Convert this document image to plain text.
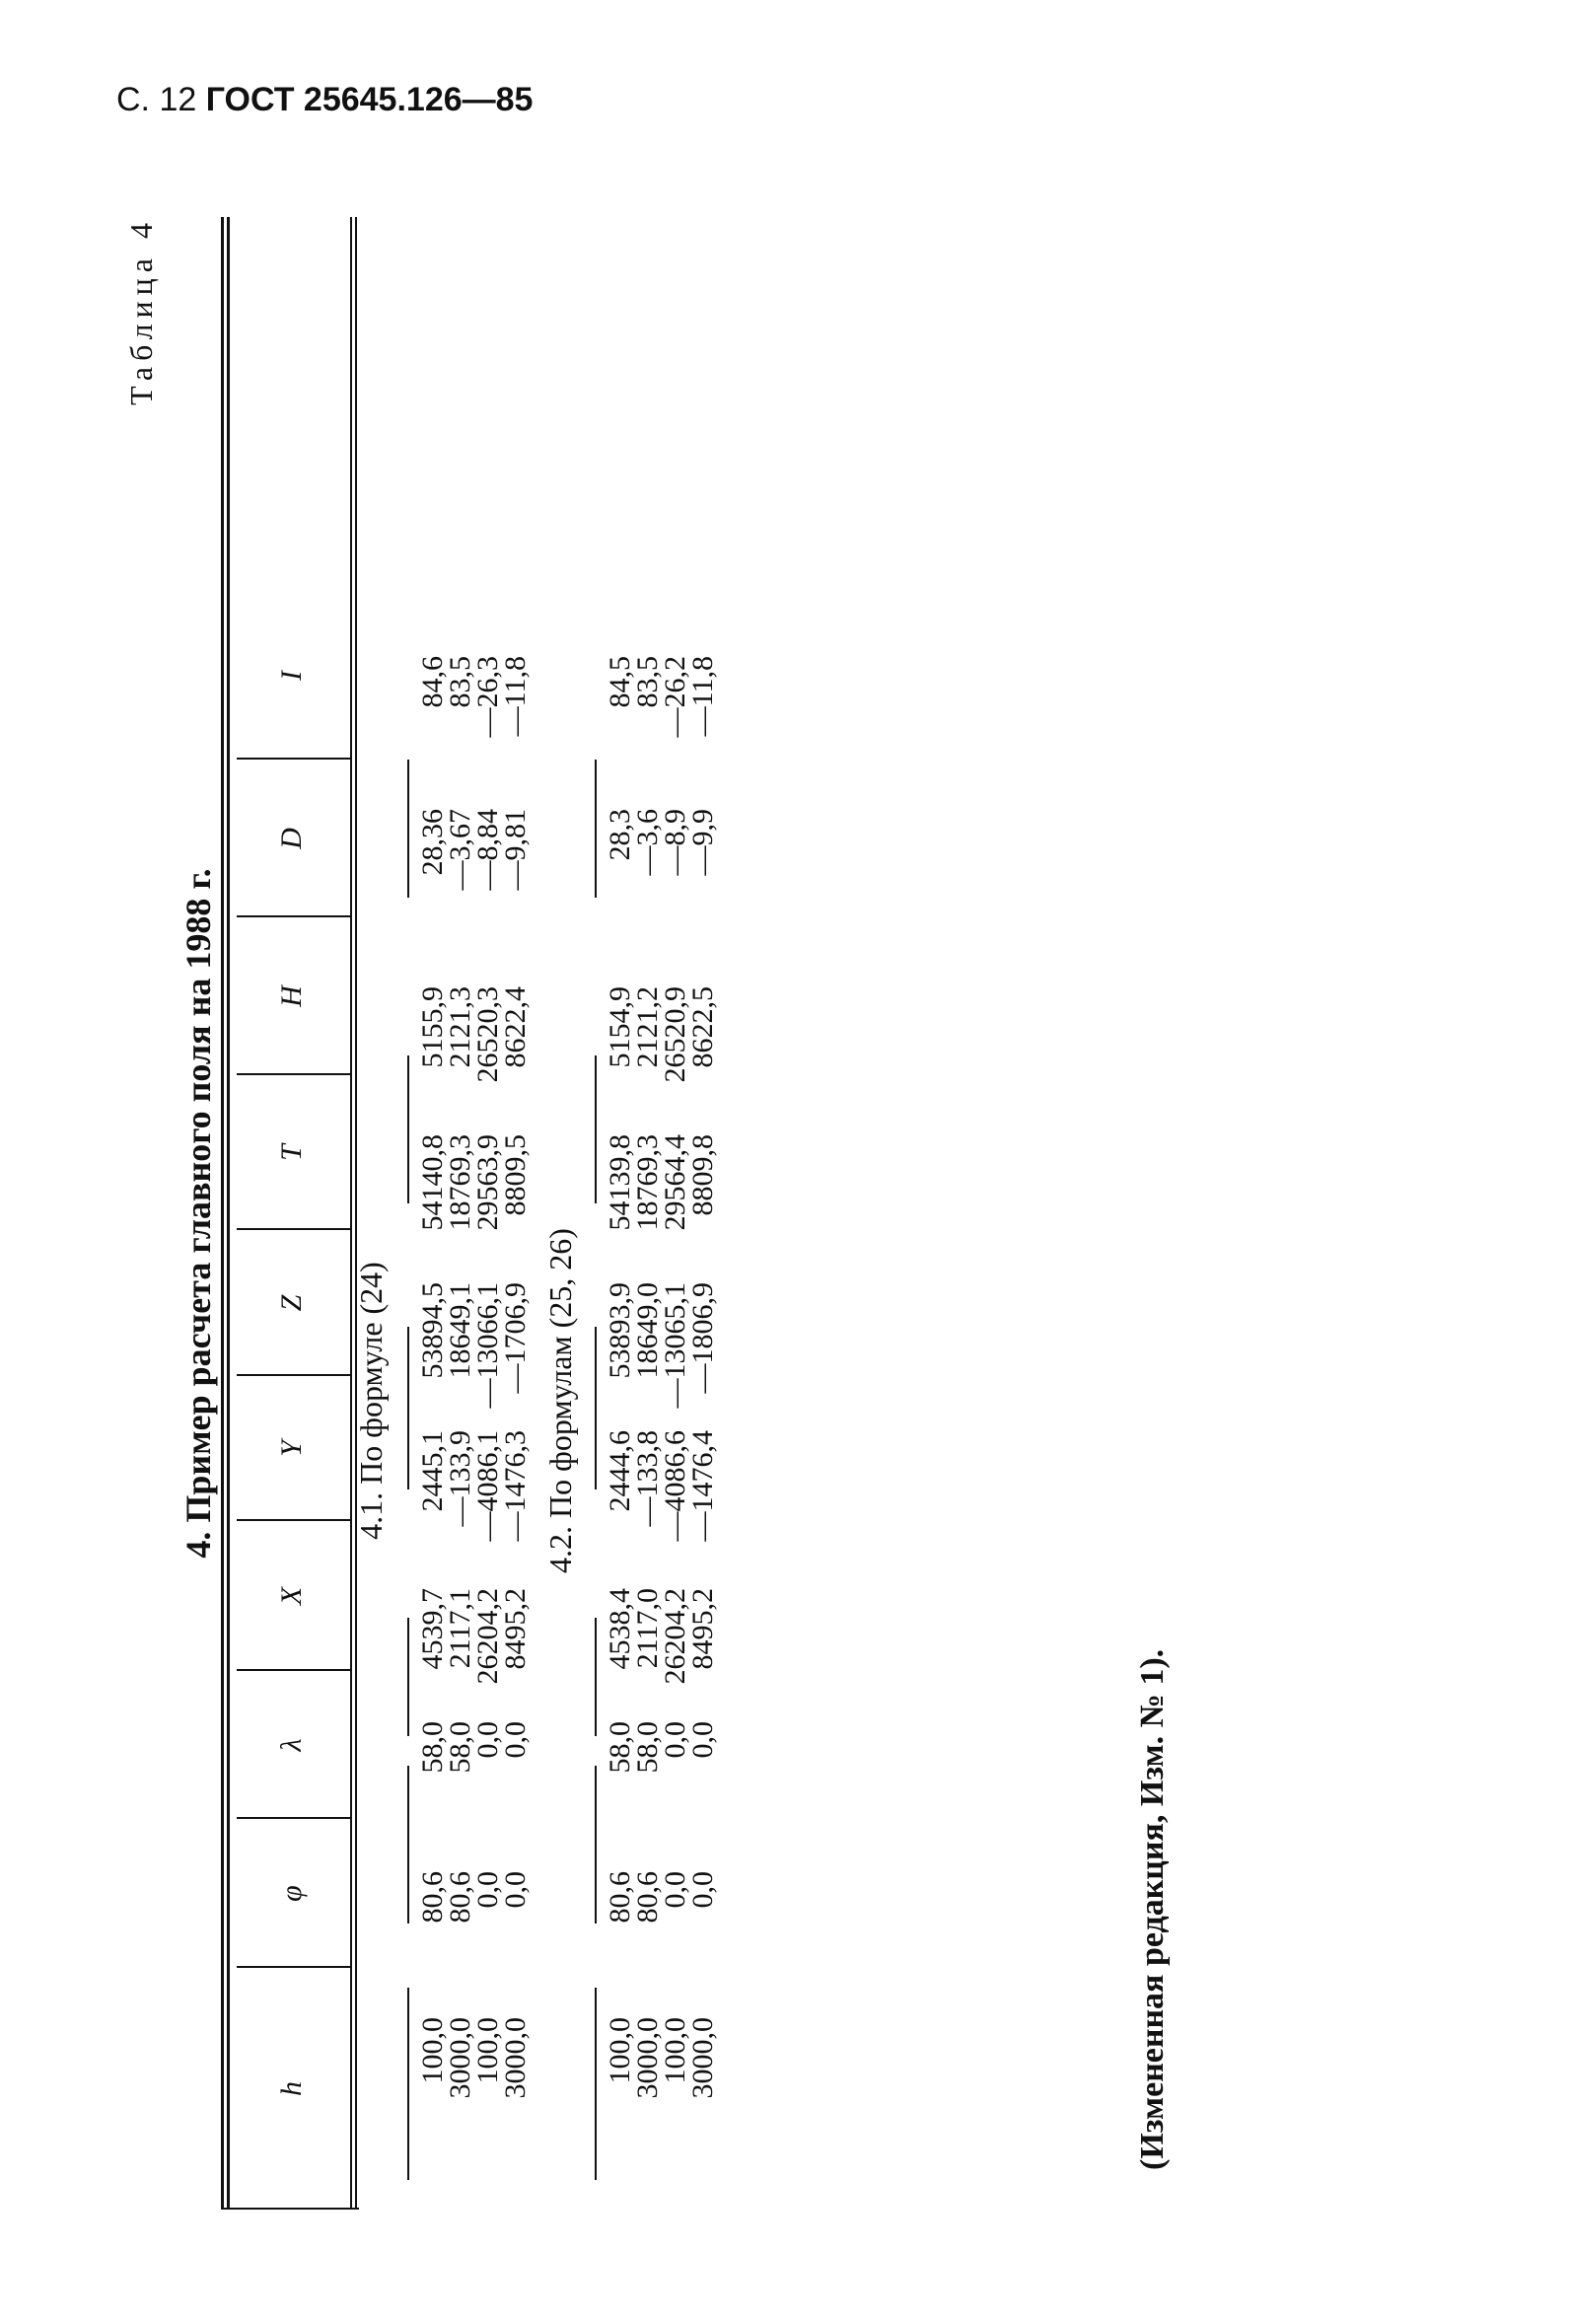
С. 12 ГОСТ 25645.126—85
Таблица 4
4. Пример расчета главного поля на 1988 г.
h
φ
λ
X
Y
Z
T
H
D
I
4.1. По формуле (24)
100,0
3000,0
100,0
3000,0
80,6
80,6
0,0
0,0
58,0
58,0
0,0
0,0
4539,7
2117,1
26204,2
8495,2
2445,1
—133,9
—4086,1
—1476,3
53894,5
18649,1
—13066,1
—1706,9
54140,8
18769,3
29563,9
8809,5
5155,9
2121,3
26520,3
8622,4
28,36
—3,67
—8,84
—9,81
84,6
83,5
—26,3
—11,8
4.2. По формулам (25, 26)
100,0
3000,0
100,0
3000,0
80,6
80,6
0,0
0,0
58,0
58,0
0,0
0,0
4538,4
2117,0
26204,2
8495,2
2444,6
—133,8
—4086,6
—1476,4
53893,9
18649,0
—13065,1
—1806,9
54139,8
18769,3
29564,4
8809,8
5154,9
2121,2
26520,9
8622,5
28,3
—3,6
—8,9
—9,9
84,5
83,5
—26,2
—11,8
(Измененная редакция, Изм. № 1).
